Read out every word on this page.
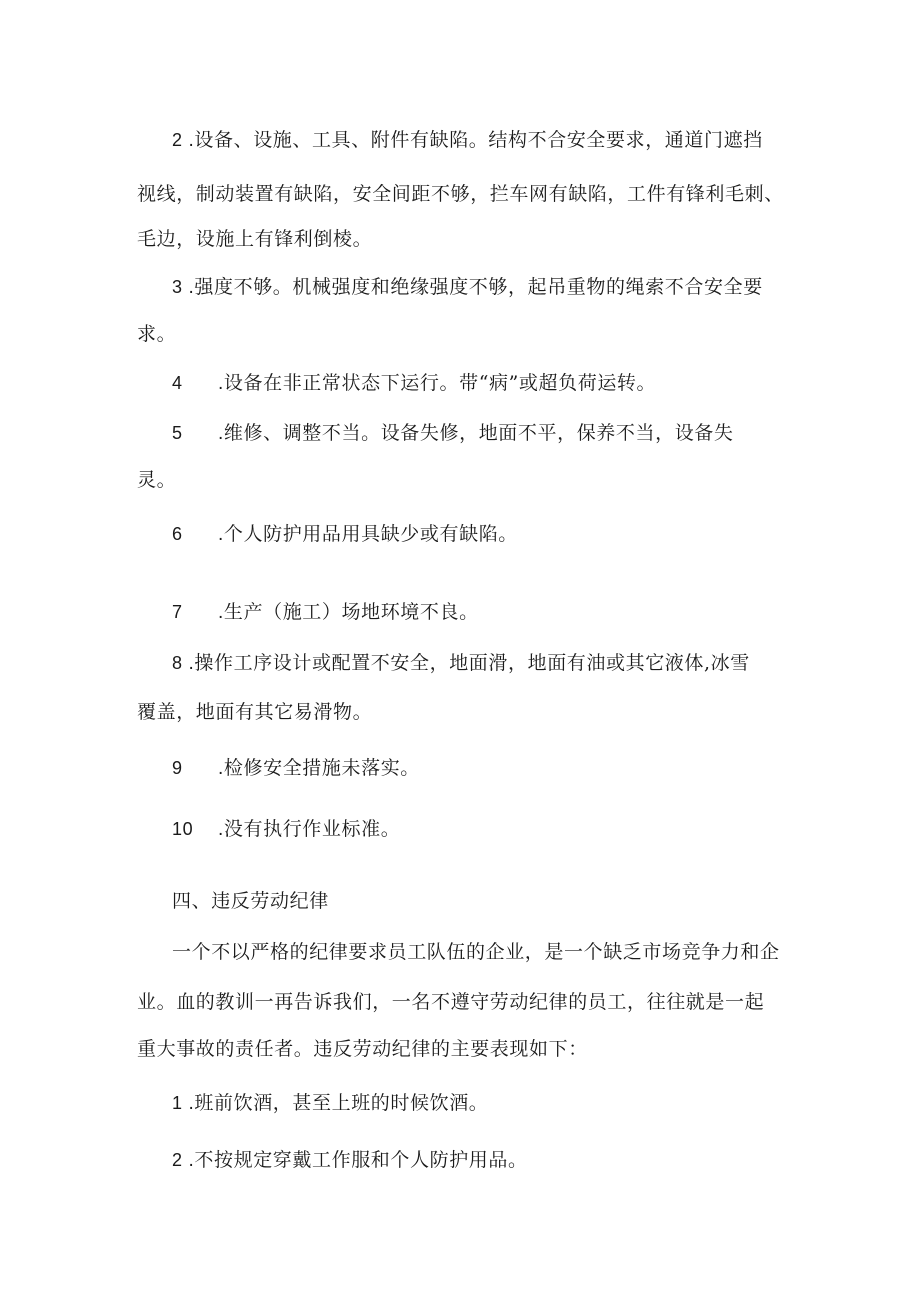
2 .设备、设施、工具、附件有缺陷。结构不合安全要求，通道门遮挡
视线，制动装置有缺陷，安全间距不够，拦车网有缺陷，工件有锋利毛刺、
毛边，设施上有锋利倒棱。
3 .强度不够。机械强度和绝缘强度不够，起吊重物的绳索不合安全要
求。
4 .设备在非正常状态下运行。带“病”或超负荷运转。
5 .维修、调整不当。设备失修，地面不平，保养不当，设备失
灵。
6 .个人防护用品用具缺少或有缺陷。
7 .生产（施工）场地环境不良。
8 .操作工序设计或配置不安全，地面滑，地面有油或其它液体,冰雪
覆盖，地面有其它易滑物。
9 .检修安全措施未落实。
10 .没有执行作业标准。
四、违反劳动纪律
一个不以严格的纪律要求员工队伍的企业，是一个缺乏市场竞争力和企
业。血的教训一再告诉我们，一名不遵守劳动纪律的员工，往往就是一起
重大事故的责任者。违反劳动纪律的主要表现如下：
1 .班前饮酒，甚至上班的时候饮酒。
2 .不按规定穿戴工作服和个人防护用品。
